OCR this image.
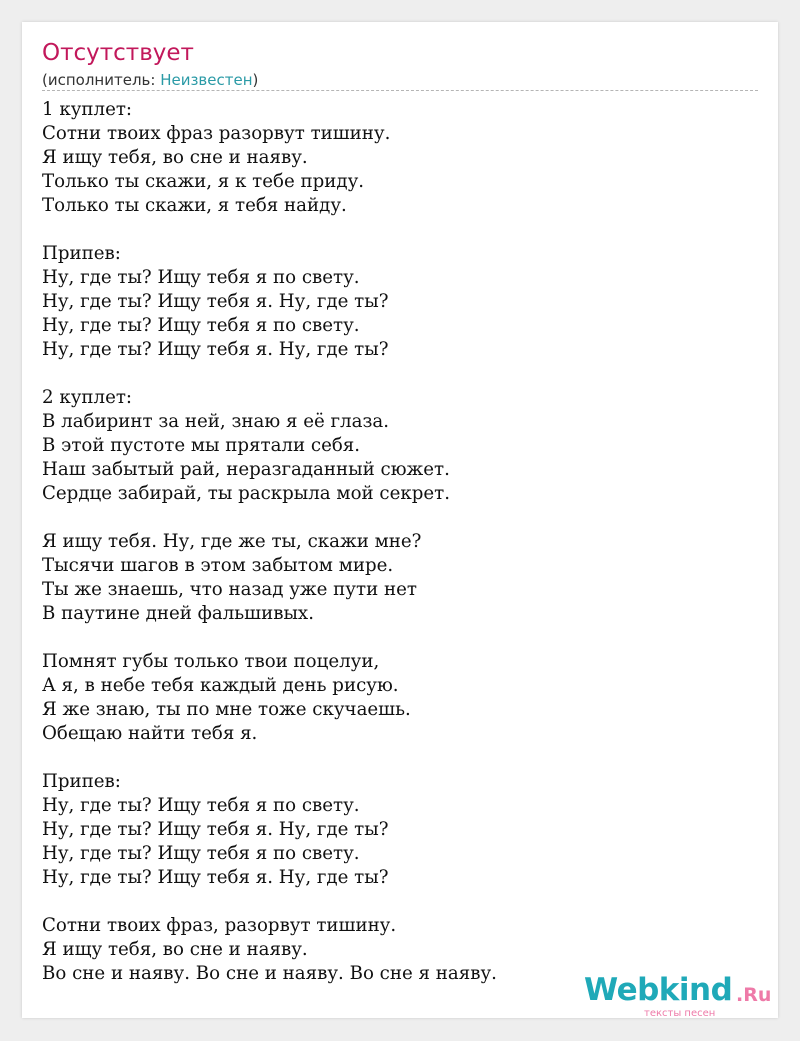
Отсутствует
(исполнитель: Неизвестен)
1 куплет:
Сотни твоих фраз разорвут тишину.
Я ищу тебя, во сне и наяву.
Только ты скажи, я к тебе приду.
Только ты скажи, я тебя найду.
Припев:
Ну, где ты? Ищу тебя я по свету.
Ну, где ты? Ищу тебя я. Ну, где ты?
Ну, где ты? Ищу тебя я по свету.
Ну, где ты? Ищу тебя я. Ну, где ты?
2 куплет:
В лабиринт за ней, знаю я её глаза.
В этой пустоте мы прятали себя.
Наш забытый рай, неразгаданный сюжет.
Сердце забирай, ты раскрыла мой секрет.
Я ищу тебя. Ну, где же ты, скажи мне?
Тысячи шагов в этом забытом мире.
Ты же знаешь, что назад уже пути нет
В паутине дней фальшивых.
Помнят губы только твои поцелуи,
А я, в небе тебя каждый день рисую.
Я же знаю, ты по мне тоже скучаешь.
Обещаю найти тебя я.
Припев:
Ну, где ты? Ищу тебя я по свету.
Ну, где ты? Ищу тебя я. Ну, где ты?
Ну, где ты? Ищу тебя я по свету.
Ну, где ты? Ищу тебя я. Ну, где ты?
Сотни твоих фраз, разорвут тишину.
Я ищу тебя, во сне и наяву.
Во сне и наяву. Во сне и наяву. Во сне я наяву.	Webkind .Ru
тексты песен
